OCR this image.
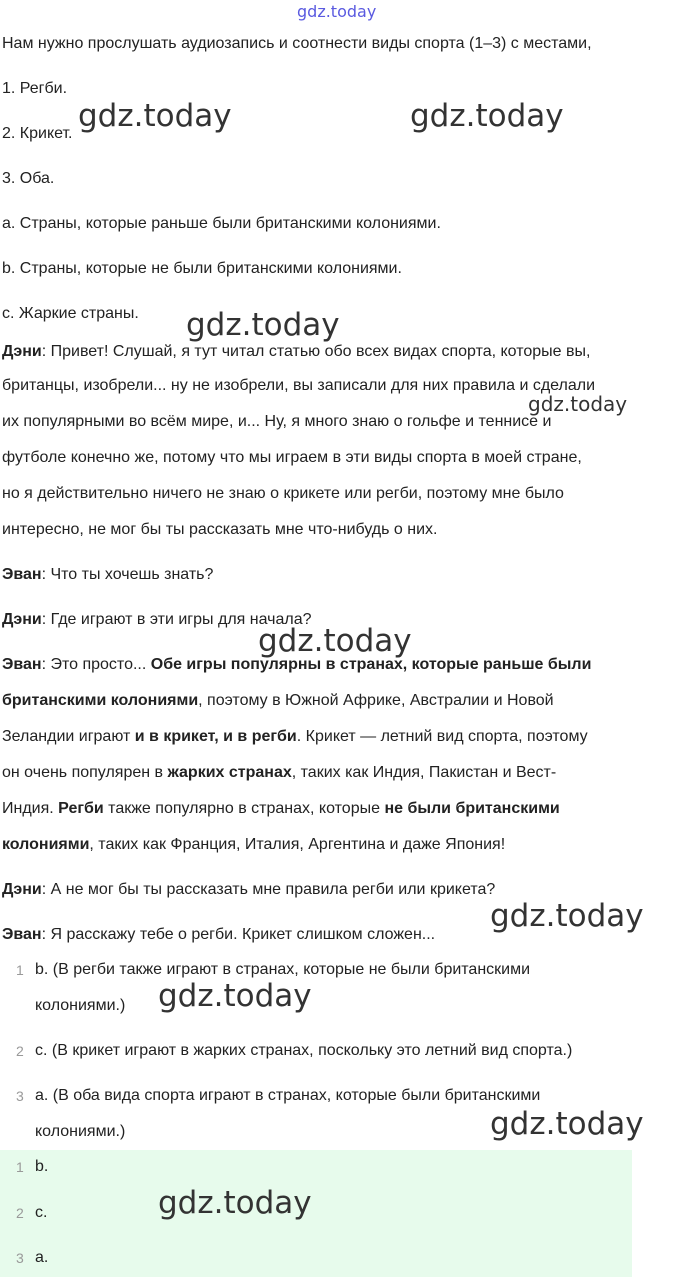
gdz.today
gdz.today	gdz.today
gdz.today
gdz.today
gdz.today
gdz.today
gdz.today
gdz.today
gdz.today

Нам нужно прослушать аудиозапись и соотнести виды спорта (1–3) с местами,

1. Регби.

2. Крикет.

3. Оба.

a. Страны, которые раньше были британскими колониями.

b. Страны, которые не были британскими колониями.

c. Жаркие страны.

Дэни: Привет! Слушай, я тут читал статью обо всех видах спорта, которые вы,

британцы, изобрели... ну не изобрели, вы записали для них правила и сделали

их популярными во всём мире, и... Ну, я много знаю о гольфе и теннисе и

футболе конечно же, потому что мы играем в эти виды спорта в моей стране,

но я действительно ничего не знаю о крикете или регби, поэтому мне было

интересно, не мог бы ты рассказать мне что-нибудь о них.

Эван: Что ты хочешь знать?

Дэни: Где играют в эти игры для начала?

Эван: Это просто... Обе игры популярны в странах, которые раньше были

британскими колониями, поэтому в Южной Африке, Австралии и Новой

Зеландии играют и в крикет, и в регби. Крикет — летний вид спорта, поэтому

он очень популярен в жарких странах, таких как Индия, Пакистан и Вест-

Индия. Регби также популярно в странах, которые не были британскими

колониями, таких как Франция, Италия, Аргентина и даже Япония!

Дэни: А не мог бы ты рассказать мне правила регби или крикета?

Эван: Я расскажу тебе о регби. Крикет слишком сложен...

1 b. (В регби также играют в странах, которые не были британскими

колониями.)

2 c. (В крикет играют в жарких странах, поскольку это летний вид спорта.)

3 a. (В оба вида спорта играют в странах, которые были британскими

колониями.)

1 b.

2 c.

3 a.
